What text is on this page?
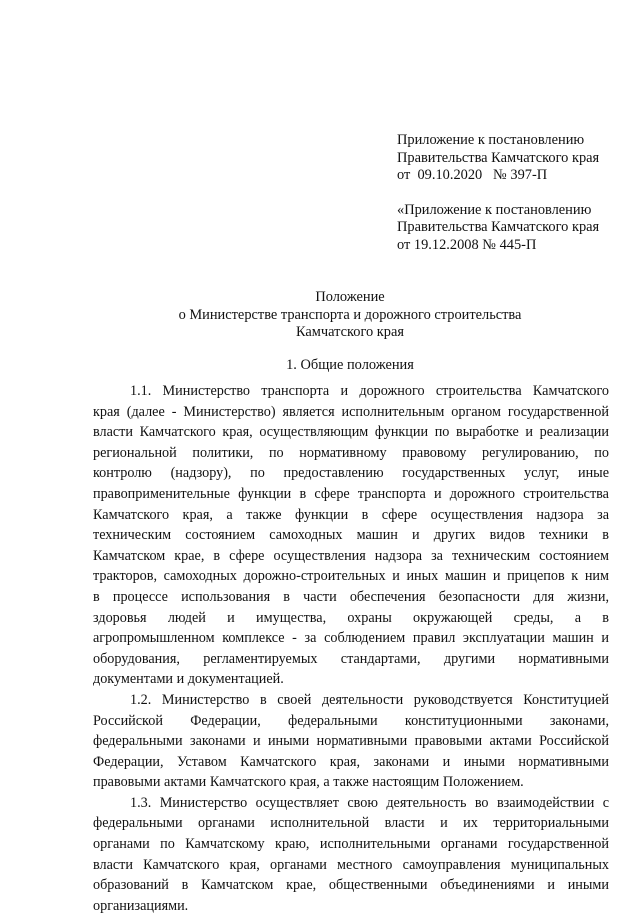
Приложение к постановлению
Правительства Камчатского края
от  09.10.2020   № 397-П
«Приложение к постановлению
Правительства Камчатского края
от 19.12.2008 № 445-П
Положение
о Министерстве транспорта и дорожного строительства
Камчатского края
1. Общие положения
1.1. Министерство транспорта и дорожного строительства Камчатского
края (далее - Министерство) является исполнительным органом государственной
власти Камчатского края, осуществляющим функции по выработке и реализации
региональной политики, по нормативному правовому регулированию, по
контролю (надзору), по предоставлению государственных услуг, иные
правоприменительные функции в сфере транспорта и дорожного строительства
Камчатского края, а также функции в сфере осуществления надзора за
техническим состоянием самоходных машин и других видов техники в
Камчатском крае, в сфере осуществления надзора за техническим состоянием
тракторов, самоходных дорожно-строительных и иных машин и прицепов к ним
в процессе использования в части обеспечения безопасности для жизни,
здоровья людей и имущества, охраны окружающей среды, а в
агропромышленном комплексе - за соблюдением правил эксплуатации машин и
оборудования, регламентируемых стандартами, другими нормативными
документами и документацией.
1.2. Министерство в своей деятельности руководствуется Конституцией
Российской Федерации, федеральными конституционными законами,
федеральными законами и иными нормативными правовыми актами Российской
Федерации, Уставом Камчатского края, законами и иными нормативными
правовыми актами Камчатского края, а также настоящим Положением.
1.3. Министерство осуществляет свою деятельность во взаимодействии с
федеральными органами исполнительной власти и их территориальными
органами по Камчатскому краю, исполнительными органами государственной
власти Камчатского края, органами местного самоуправления муниципальных
образований в Камчатском крае, общественными объединениями и иными
организациями.
